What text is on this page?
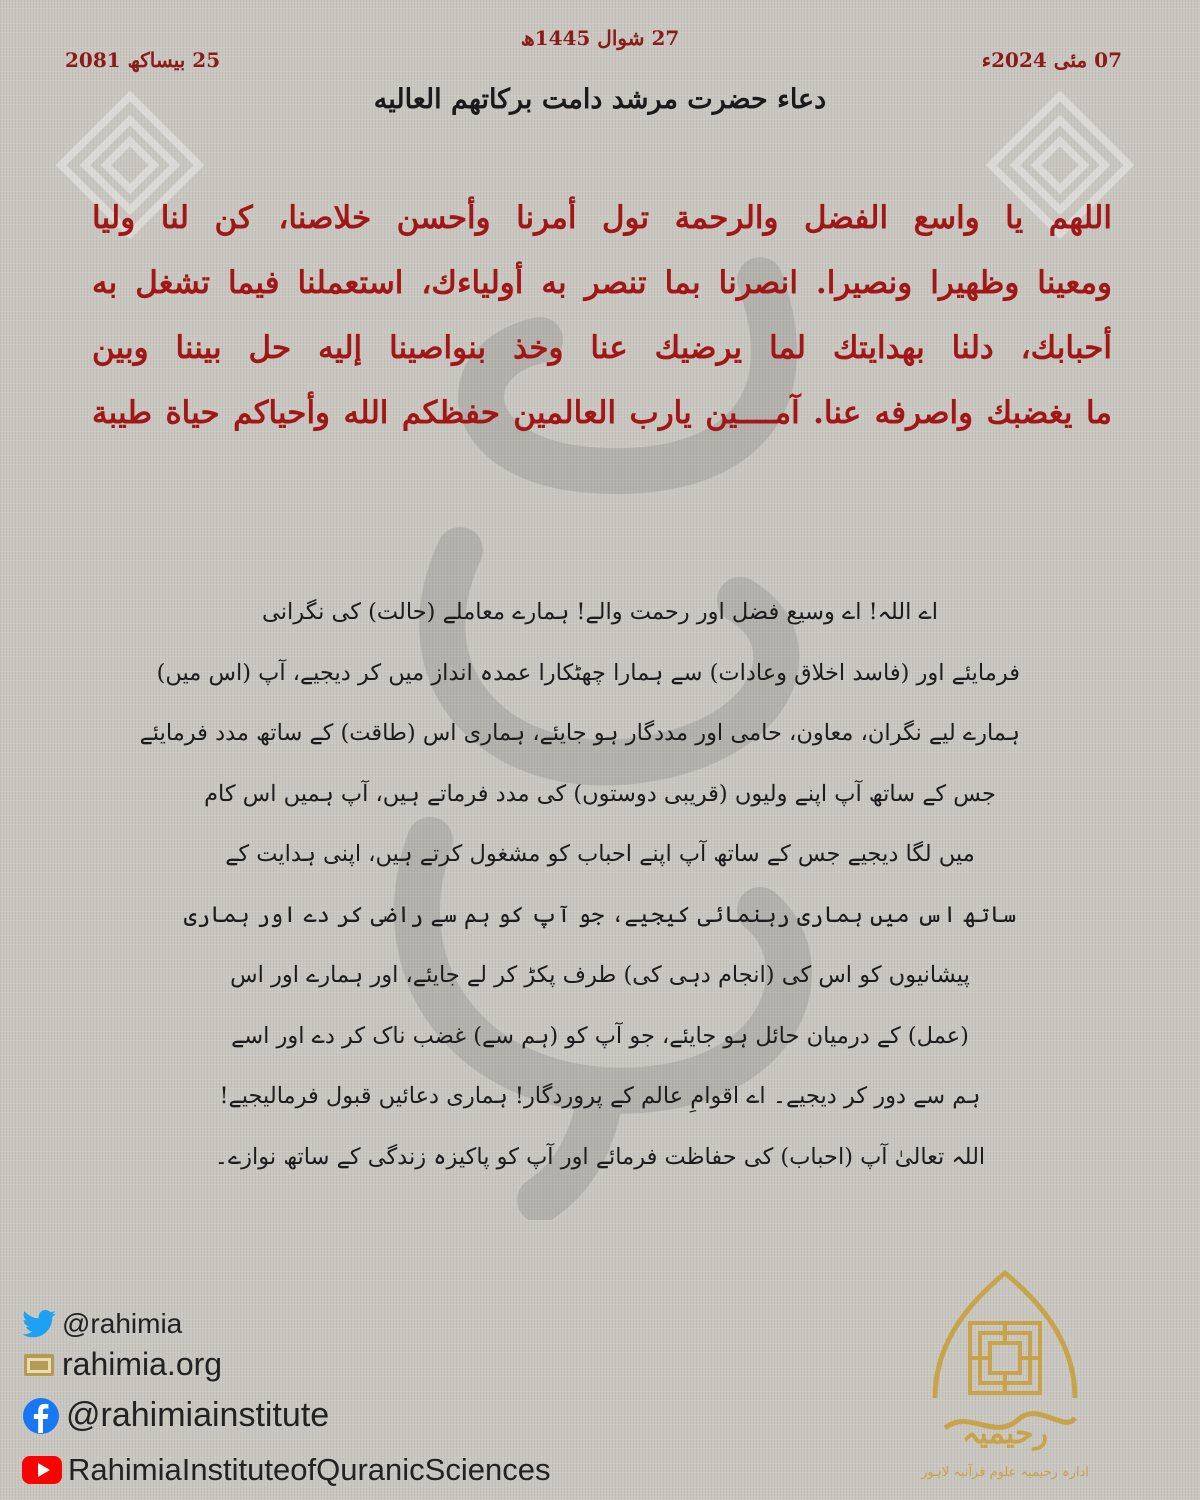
07 مئی 2024ء
27 شوال 1445ھ
25 بیساکھ 2081
دعاء حضرت مرشد دامت برکاتهم العالیه
اللهم يا واسع الفضل والرحمة تول أمرنا وأحسن خلاصنا، كن لنا وليا
ومعينا وظهيرا ونصيرا. انصرنا بما تنصر به أولياءك، استعملنا فيما تشغل به
أحبابك، دلنا بهدايتك لما يرضيك عنا وخذ بنواصينا إليه حل بيننا وبين
ما يغضبك واصرفه عنا. آمــــين يارب العالمين حفظكم الله وأحياكم حياة طيبة
اے اللہ! اے وسیع فضل اور رحمت والے! ہمارے معاملے (حالت) کی نگرانی
فرمایئے اور (فاسد اخلاق وعادات) سے ہمارا چھٹکارا عمدہ انداز میں کر دیجیے، آپ (اس میں)
ہمارے لیے نگران، معاون، حامی اور مددگار ہو جایئے، ہماری اس (طاقت) کے ساتھ مدد فرمایئے
جس کے ساتھ آپ اپنے ولیوں (قریبی دوستوں) کی مدد فرماتے ہیں، آپ ہمیں اس کام
میں لگا دیجیے جس کے ساتھ آپ اپنے احباب کو مشغول کرتے ہیں، اپنی ہدایت کے
ساتھ اس میں ہماری رہنمائی کیجیے، جو آپ کو ہم سے راضی کر دے اور ہماری
پیشانیوں کو اس کی (انجام دہی کی) طرف پکڑ کر لے جایئے، اور ہمارے اور اس
(عمل) کے درمیان حائل ہو جایئے، جو آپ کو (ہم سے) غضب ناک کر دے اور اسے
ہم سے دور کر دیجیے۔ اے اقوامِ عالم کے پروردگار! ہماری دعائیں قبول فرمالیجیے!
اللہ تعالیٰ آپ (احباب) کی حفاظت فرمائے اور آپ کو پاکیزہ زندگی کے ساتھ نوازے۔
@rahimia
rahimia.org
@rahimiainstitute
RahimiaInstituteofQuranicSciences
رحیمیہ
ادارہ رحیمیہ علوم قرآنیہ لاہور
